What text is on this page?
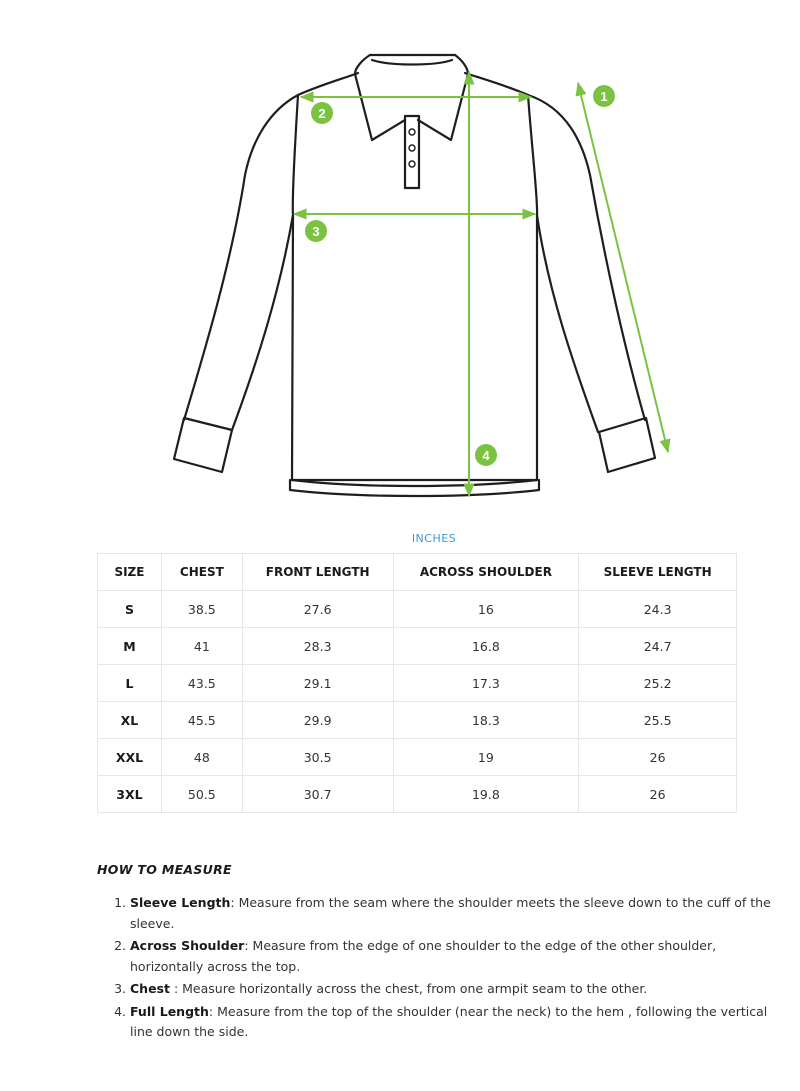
1
2
3
4
INCHES
SIZE	CHEST	FRONT LENGTH	ACROSS SHOULDER	SLEEVE LENGTH
S	38.5	27.6	16	24.3
M	41	28.3	16.8	24.7
L	43.5	29.1	17.3	25.2
XL	45.5	29.9	18.3	25.5
XXL	48	30.5	19	26
3XL	50.5	30.7	19.8	26
HOW TO MEASURE
1. Sleeve Length: Measure from the seam where the shoulder meets the sleeve down to the cuff of the sleeve.
2. Across Shoulder: Measure from the edge of one shoulder to the edge of the other shoulder, horizontally across the top.
3. Chest : Measure horizontally across the chest, from one armpit seam to the other.
4. Full Length: Measure from the top of the shoulder (near the neck) to the hem , following the vertical line down the side.
